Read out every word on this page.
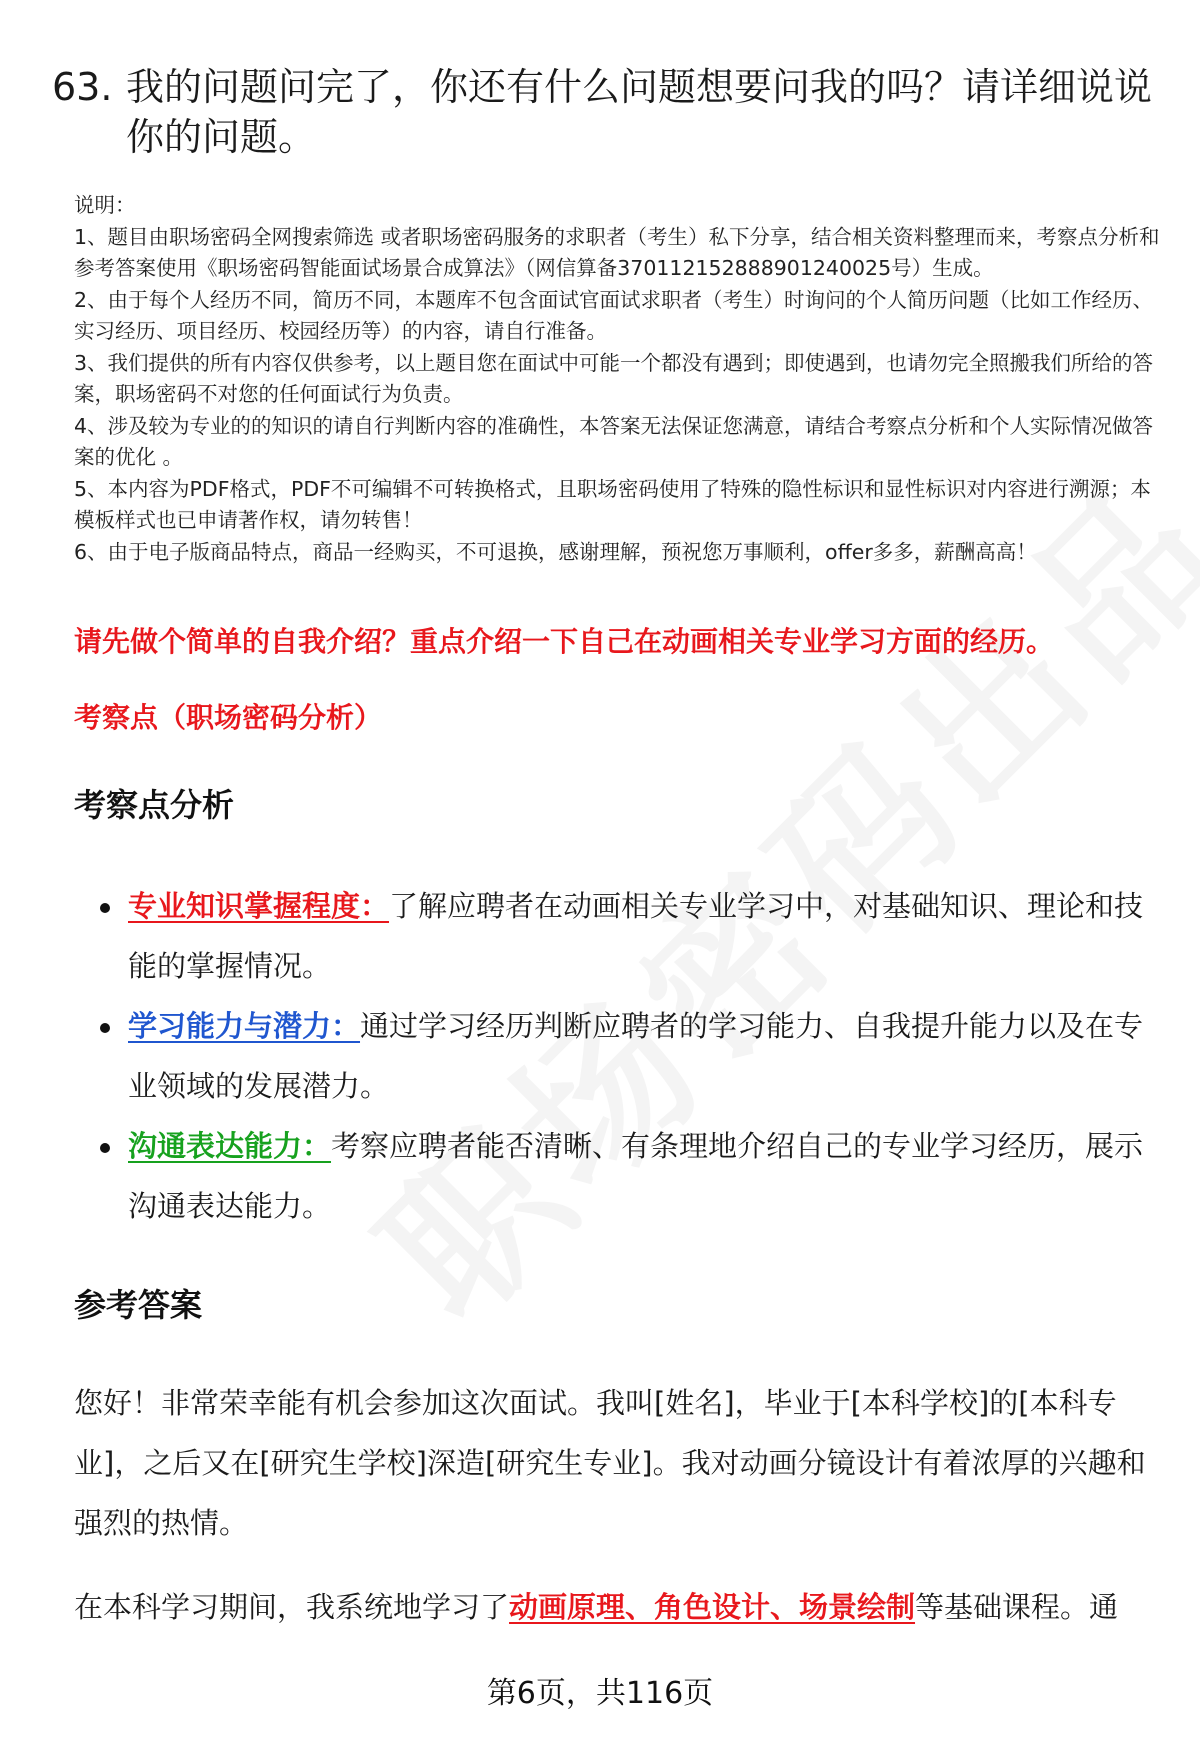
63. 我的问题问完了，你还有什么问题想要问我的吗？请详细说说你的问题。

说明：

1、题目由职场密码全网搜索筛选 或者职场密码服务的求职者（考生）私下分享，结合相关资料整理而来，考察点分析和参考答案使用《职场密码智能面试场景合成算法》（网信算备370112152888901240025号）生成。

2、由于每个人经历不同，简历不同，本题库不包含面试官面试求职者（考生）时询问的个人简历问题（比如工作经历、实习经历、项目经历、校园经历等）的内容，请自行准备。

3、我们提供的所有内容仅供参考，以上题目您在面试中可能一个都没有遇到；即使遇到，也请勿完全照搬我们所给的答案，职场密码不对您的任何面试行为负责。

4、涉及较为专业的的知识的请自行判断内容的准确性，本答案无法保证您满意，请结合考察点分析和个人实际情况做答案的优化 。

5、本内容为PDF格式，PDF不可编辑不可转换格式，且职场密码使用了特殊的隐性标识和显性标识对内容进行溯源；本模板样式也已申请著作权，请勿转售！

6、由于电子版商品特点，商品一经购买，不可退换，感谢理解，预祝您万事顺利，offer多多，薪酬高高！

请先做个简单的自我介绍？重点介绍一下自己在动画相关专业学习方面的经历。
考察点（职场密码分析）
考察点分析
专业知识掌握程度：了解应聘者在动画相关专业学习中，对基础知识、理论和技能的掌握情况。
学习能力与潜力：通过学习经历判断应聘者的学习能力、自我提升能力以及在专业领域的发展潜力。
沟通表达能力：考察应聘者能否清晰、有条理地介绍自己的专业学习经历，展示沟通表达能力。
参考答案

您好！非常荣幸能有机会参加这次面试。我叫[姓名]，毕业于[本科学校]的[本科专业]，之后又在[研究生学校]深造[研究生专业]。我对动画分镜设计有着浓厚的兴趣和强烈的热情。

在本科学习期间，我系统地学习了动画原理、角色设计、场景绘制等基础课程。通

第6页，共116页
